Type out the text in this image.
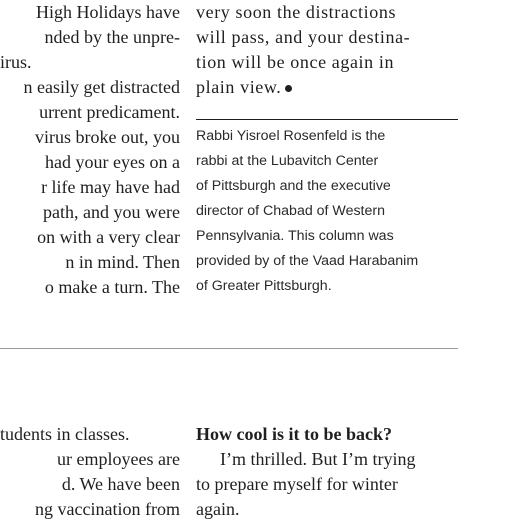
High Holidays have
nded by the unpre-
irus.
n easily get distracted
urrent predicament.
virus broke out, you
had your eyes on a
r life may have had
path, and you were
on with a very clear
n in mind. Then
o make a turn. The
very soon the distractions
will pass, and your destina-
tion will be once again in
plain view.
Rabbi Yisroel Rosenfeld is the
rabbi at the Lubavitch Center
of Pittsburgh and the executive
director of Chabad of Western
Pennsylvania. This column was
provided by of the Vaad Harabanim
of Greater Pittsburgh.
tudents in classes.
ur employees are
d. We have been
ng vaccination from
How cool is it to be back?
I’m thrilled. But I’m trying
to prepare myself for winter
again.
